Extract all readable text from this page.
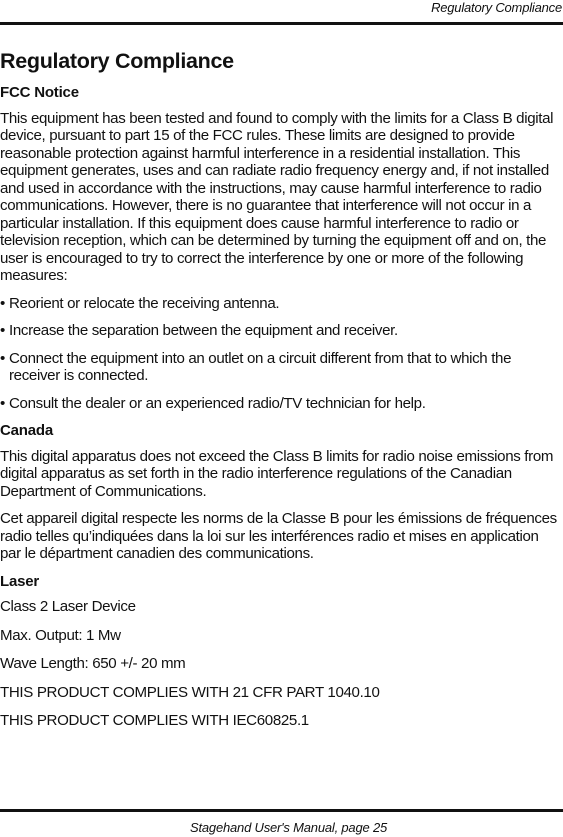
Regulatory Compliance
Regulatory Compliance
FCC Notice

This equipment has been tested and found to comply with the limits for a Class B digital device, pursuant to part 15 of the FCC rules. These limits are designed to provide reasonable protection against harmful interference in a residential installation. This equipment generates, uses and can radiate radio frequency energy and, if not installed and used in accordance with the instructions, may cause harmful interference to radio communications. However, there is no guarantee that interference will not occur in a particular installation. If this equipment does cause harmful interference to radio or television reception, which can be determined by turning the equipment off and on, the user is encouraged to try to correct the interference by one or more of the following measures:

• Reorient or relocate the receiving antenna.
• Increase the separation between the equipment and receiver.
• Connect the equipment into an outlet on a circuit different from that to which the receiver is connected.
• Consult the dealer or an experienced radio/TV technician for help.
Canada

This digital apparatus does not exceed the Class B limits for radio noise emissions from digital apparatus as set forth in the radio interference regulations of the Canadian Department of Communications.

Cet appareil digital respecte les norms de la Classe B pour les émissions de fréquences radio telles qu’indiquées dans la loi sur les interférences radio et mises en application par le départment canadien des communications.

Laser
Class 2 Laser Device
Max. Output: 1 Mw
Wave Length: 650 +/- 20 mm
THIS PRODUCT COMPLIES WITH 21 CFR PART 1040.10
THIS PRODUCT COMPLIES WITH IEC60825.1
Stagehand User's Manual, page 25
